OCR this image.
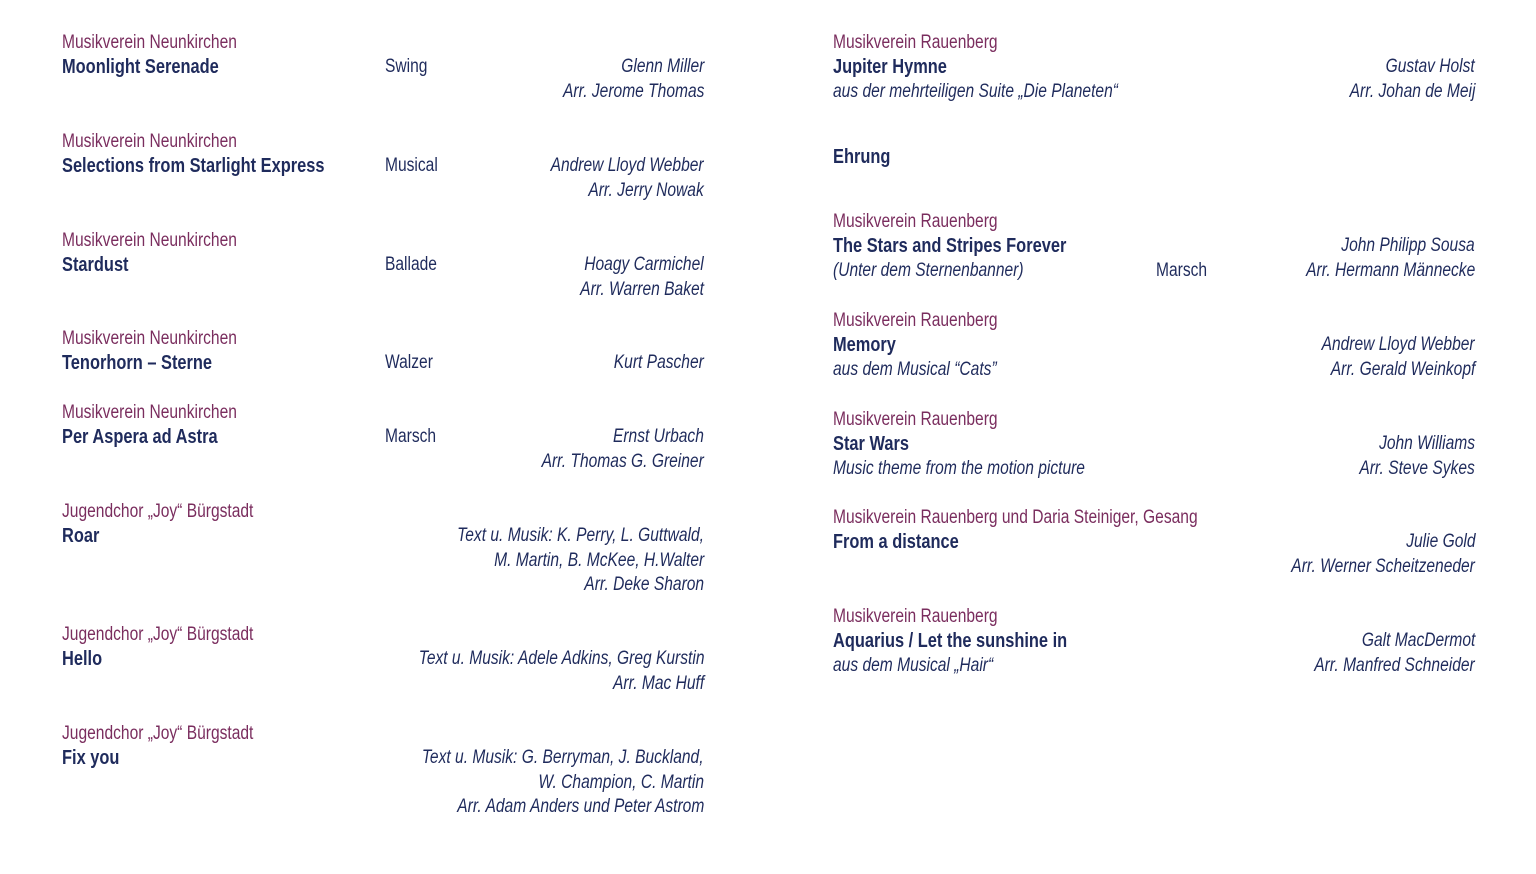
Musikverein Neunkirchen
Moonlight Serenade	Swing	Glenn Miller
Arr. Jerome Thomas
Musikverein Neunkirchen
Selections from Starlight Express	Musical	Andrew Lloyd Webber
Arr. Jerry Nowak
Musikverein Neunkirchen
Stardust	Ballade	Hoagy Carmichel
Arr. Warren Baket
Musikverein Neunkirchen
Tenorhorn – Sterne	Walzer	Kurt Pascher
Musikverein Neunkirchen
Per Aspera ad Astra	Marsch	Ernst Urbach
Arr. Thomas G. Greiner
Jugendchor „Joy“ Bürgstadt
Roar	Text u. Musik: K. Perry, L. Guttwald,
M. Martin, B. McKee, H.Walter
Arr. Deke Sharon
Jugendchor „Joy“ Bürgstadt
Hello	Text u. Musik: Adele Adkins, Greg Kurstin
Arr. Mac Huff
Jugendchor „Joy“ Bürgstadt
Fix you	Text u. Musik: G. Berryman, J. Buckland,
W. Champion, C. Martin
Arr. Adam Anders und Peter Astrom
Musikverein Rauenberg
Jupiter Hymne	Gustav Holst
aus der mehrteiligen Suite „Die Planeten“	Arr. Johan de Meij
Ehrung
Musikverein Rauenberg
The Stars and Stripes Forever	John Philipp Sousa
(Unter dem Sternenbanner)	Marsch	Arr. Hermann Männecke
Musikverein Rauenberg
Memory	Andrew Lloyd Webber
aus dem Musical “Cats”	Arr. Gerald Weinkopf
Musikverein Rauenberg
Star Wars	John Williams
Music theme from the motion picture	Arr. Steve Sykes
Musikverein Rauenberg und Daria Steiniger, Gesang
From a distance	Julie Gold
Arr. Werner Scheitzeneder
Musikverein Rauenberg
Aquarius / Let the sunshine in	Galt MacDermot
aus dem Musical „Hair“	Arr. Manfred Schneider
